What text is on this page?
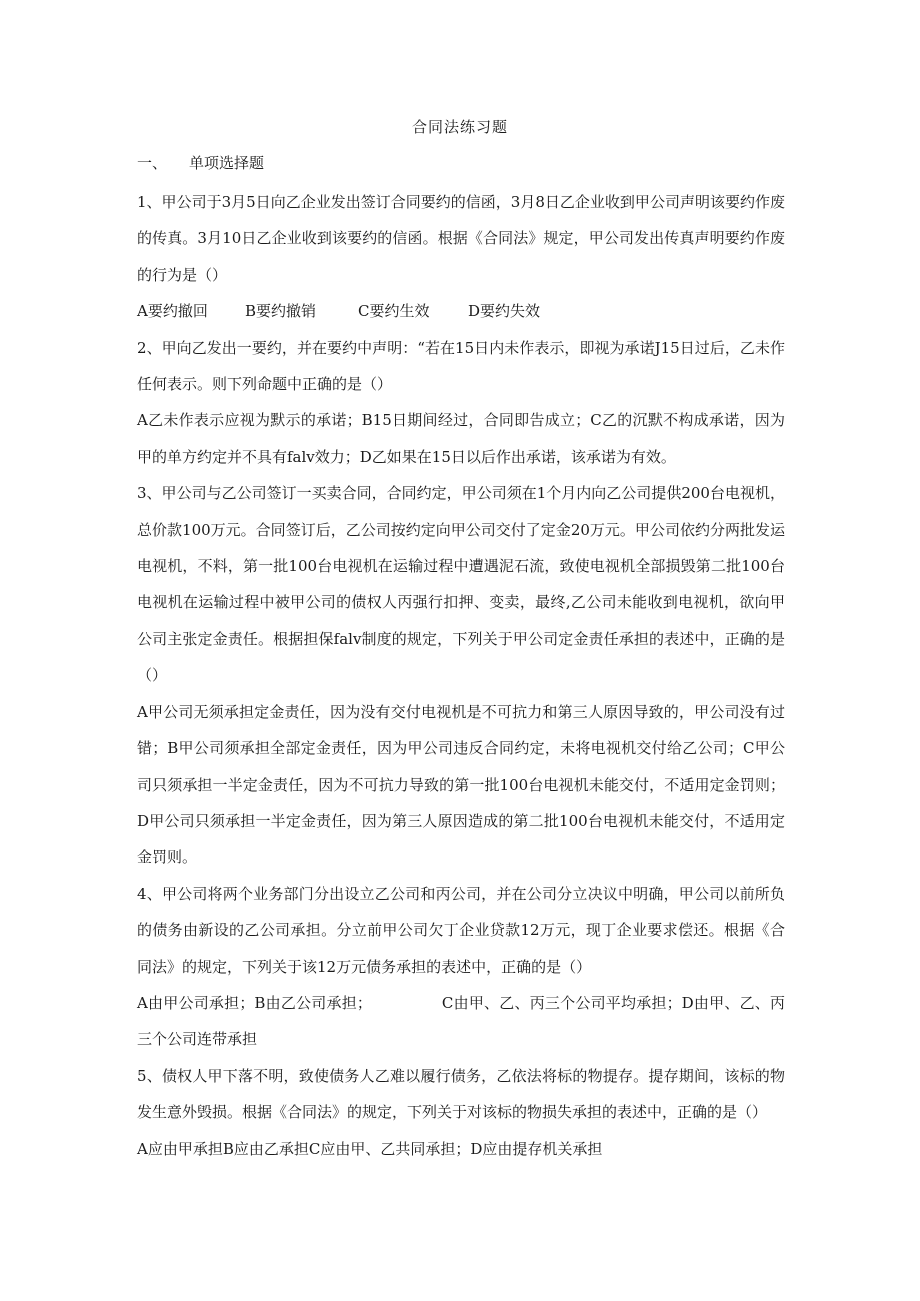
合同法练习题
一、 单项选择题

1、甲公司于3月5日向乙企业发出签订合同要约的信函，3月8日乙企业收到甲公司声明该要约作废的传真。3月10日乙企业收到该要约的信函。根据《合同法》规定，甲公司发出传真声明要约作废的行为是（）

A要约撤回 B要约撤销	C要约生效	D要约失效

2、甲向乙发出一要约，并在要约中声明：“若在15日内未作表示，即视为承诺J15日过后，乙未作任何表示。则下列命题中正确的是（）

A乙未作表示应视为默示的承诺；B15日期间经过，合同即告成立；C乙的沉默不构成承诺，因为甲的单方约定并不具有falv效力；D乙如果在15日以后作出承诺，该承诺为有效。

3、甲公司与乙公司签订一买卖合同，合同约定，甲公司须在1个月内向乙公司提供200台电视机，总价款100万元。合同签订后，乙公司按约定向甲公司交付了定金20万元。甲公司依约分两批发运电视机，不料，第一批100台电视机在运输过程中遭遇泥石流，致使电视机全部损毁第二批100台电视机在运输过程中被甲公司的债权人丙强行扣押、变卖，最终,乙公司未能收到电视机，欲向甲公司主张定金责任。根据担保falv制度的规定，下列关于甲公司定金责任承担的表述中，正确的是（）

A甲公司无须承担定金责任，因为没有交付电视机是不可抗力和第三人原因导致的，甲公司没有过错；B甲公司须承担全部定金责任，因为甲公司违反合同约定，未将电视机交付给乙公司；C甲公司只须承担一半定金责任，因为不可抗力导致的第一批100台电视机未能交付，不适用定金罚则；D甲公司只须承担一半定金责任，因为第三人原因造成的第二批100台电视机未能交付，不适用定金罚则。

4、甲公司将两个业务部门分出设立乙公司和丙公司，并在公司分立决议中明确，甲公司以前所负的债务由新设的乙公司承担。分立前甲公司欠丁企业贷款12万元，现丁企业要求偿还。根据《合同法》的规定，下列关于该12万元债务承担的表述中，正确的是（）

A由甲公司承担；B由乙公司承担；	C由甲、乙、丙三个公司平均承担；D由甲、乙、丙三个公司连带承担

5、债权人甲下落不明，致使债务人乙难以履行债务，乙依法将标的物提存。提存期间，该标的物发生意外毁损。根据《合同法》的规定，下列关于对该标的物损失承担的表述中，正确的是（）

A应由甲承担B应由乙承担C应由甲、乙共同承担；D应由提存机关承担
